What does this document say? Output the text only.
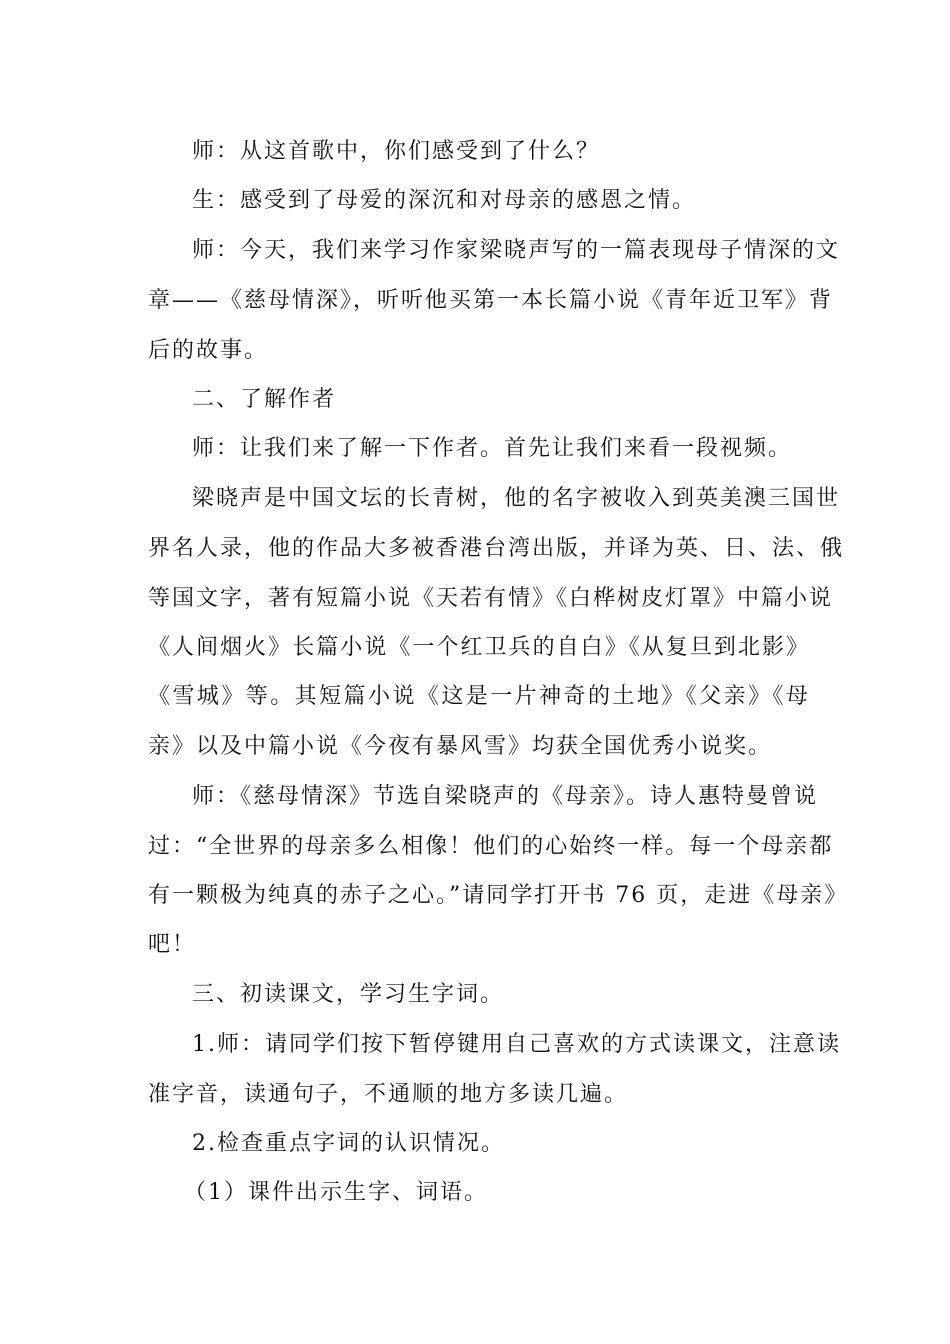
师：从这首歌中，你们感受到了什么？
生：感受到了母爱的深沉和对母亲的感恩之情。
师：今天，我们来学习作家梁晓声写的一篇表现母子情深的文
章——《慈母情深》，听听他买第一本长篇小说《青年近卫军》背
后的故事。
二、了解作者
师：让我们来了解一下作者。首先让我们来看一段视频。
梁晓声是中国文坛的长青树，他的名字被收入到英美澳三国世
界名人录，他的作品大多被香港台湾出版，并译为英、日、法、俄
等国文字，著有短篇小说《天若有情》《白桦树皮灯罩》中篇小说
《人间烟火》长篇小说《一个红卫兵的自白》《从复旦到北影》
《雪城》等。其短篇小说《这是一片神奇的土地》《父亲》《母
亲》以及中篇小说《今夜有暴风雪》均获全国优秀小说奖。
师：《慈母情深》节选自梁晓声的《母亲》。诗人惠特曼曾说
过：“全世界的母亲多么相像！他们的心始终一样。每一个母亲都
有一颗极为纯真的赤子之心。”请同学打开书 76 页，走进《母亲》
吧！
三、初读课文，学习生字词。
1.师：请同学们按下暂停键用自己喜欢的方式读课文，注意读
准字音，读通句子，不通顺的地方多读几遍。
2.检查重点字词的认识情况。
（1）课件出示生字、词语。
